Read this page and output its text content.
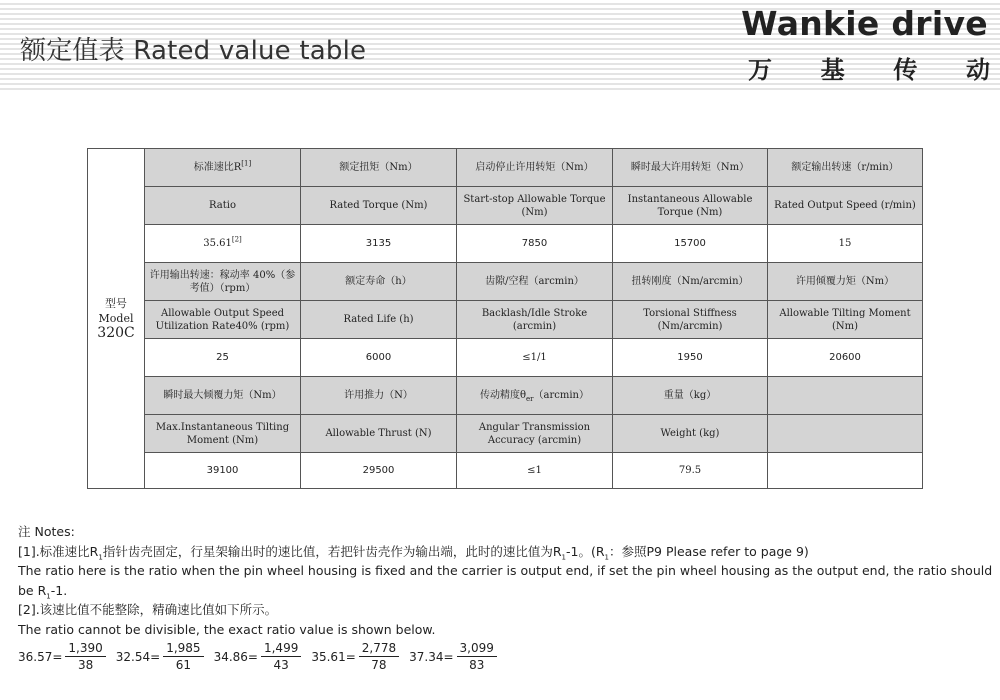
额定值表 Rated value table
Wankie drive
万 基 传 动
型号
Model
320C	标准速比R[1]	额定扭矩（Nm）	启动停止许用转矩（Nm）	瞬时最大许用转矩（Nm）	额定输出转速（r/min）
	Ratio	Rated Torque (Nm)	Start-stop Allowable Torque (Nm)	Instantaneous Allowable Torque (Nm)	Rated Output Speed (r/min)
	35.61[2]	3135	7850	15700	15
	许用输出转速：稼动率 40%（参考值）（rpm）	额定寿命（h）	齿隙/空程（arcmin）	扭转刚度（Nm/arcmin）	许用倾覆力矩（Nm）
	Allowable Output Speed Utilization Rate40% (rpm)	Rated Life (h)	Backlash/Idle Stroke (arcmin)	Torsional Stiffness (Nm/arcmin)	Allowable Tilting Moment (Nm)
	25	6000	≤1/1	1950	20600
	瞬时最大倾覆力矩（Nm）	许用推力（N）	传动精度$\theta_{er}(arcmin)$	重量（kg）	
	Max.Instantaneous Tilting Moment (Nm)	Allowable Thrust (N)	Angular Transmission Accuracy (arcmin)	Weight (kg)	
	39100	29500	≤1	79.5	

注 Notes:

[1].标准速比$R_1$指针齿壳固定，行星架输出时的速比值，若把针齿壳作为输出端，此时的速比值为$R_1-1$。($R_1$：参照P9 Please refer to page 9)

The ratio here is the ratio when the pin wheel housing is fixed and the carrier is output end, if set the pin wheel housing as the output end, the ratio should be $R_1-1$.

[2].该速比值不能整除，精确速比值如下所示。

The ratio cannot be divisible, the exact ratio value is shown below.

$36.57= \frac{1,390}{38} 32.54= \frac{1,985}{61} 34.86= \frac{1,499}{43} 35.61= \frac{2,778}{78} 37.34= \frac{3,099}{83}$
